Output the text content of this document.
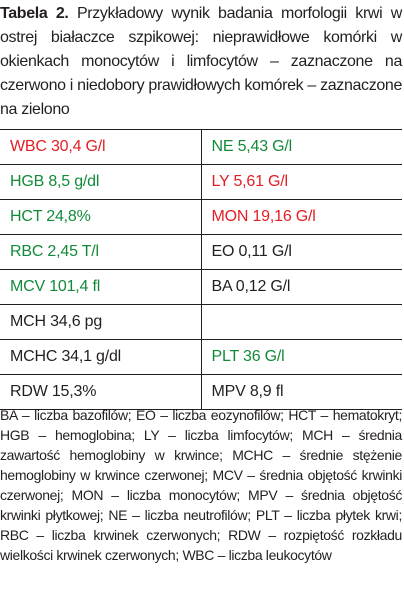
Tabela 2. Przykładowy wynik badania morfologii krwi w ostrej białaczce szpikowej: nieprawidłowe komórki w okienkach monocytów i limfocytów – zaznaczone na czerwono i niedobory prawidłowych komórek – zaznaczone na zielono

WBC 30,4 G/l	NE 5,43 G/l
HGB 8,5 g/dl	LY 5,61 G/l
HCT 24,8%	MON 19,16 G/l
RBC 2,45 T/l	EO 0,11 G/l
MCV 101,4 fl	BA 0,12 G/l
MCH 34,6 pg	
MCHC 34,1 g/dl	PLT 36 G/l
RDW 15,3%	MPV 8,9 fl

BA – liczba bazofilów; EO – liczba eozynofilów; HCT – hematokryt; HGB – hemoglobina; LY – liczba limfocytów; MCH – średnia zawartość hemoglobiny w krwince; MCHC – średnie stężenie hemoglobiny w krwince czerwonej; MCV – średnia objętość krwinki czerwonej; MON – liczba monocytów; MPV – średnia objętość krwinki płytkowej; NE – liczba neutrofilów; PLT – liczba płytek krwi; RBC – liczba krwinek czerwonych; RDW – rozpiętość rozkładu wielkości krwinek czerwonych; WBC – liczba leukocytów
